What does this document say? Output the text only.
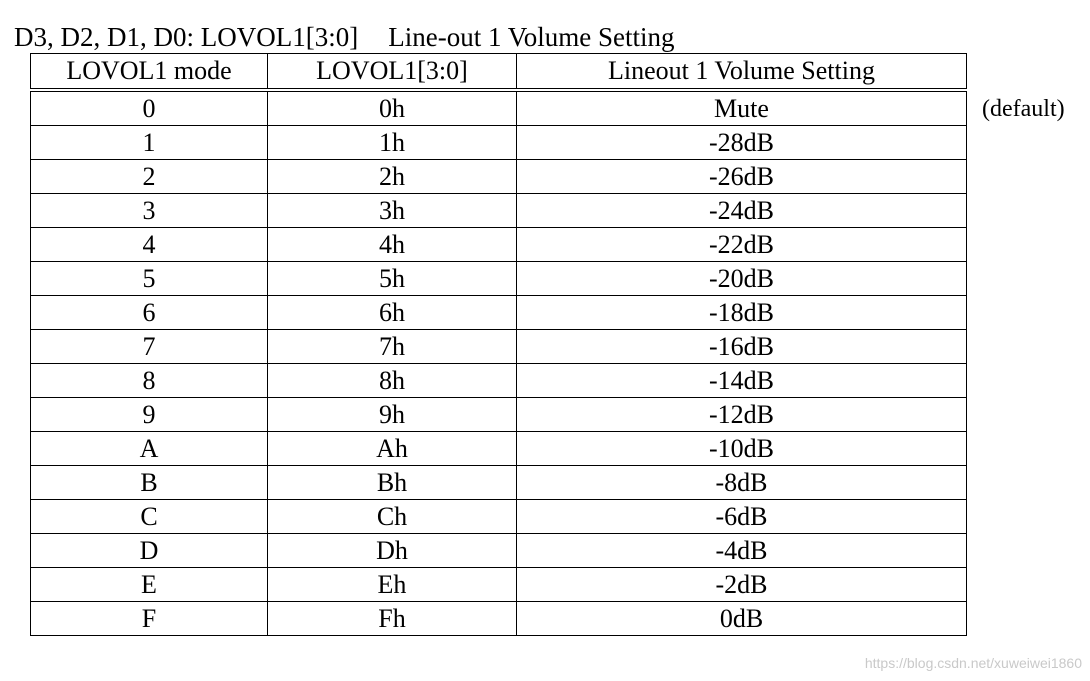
D3, D2, D1, D0: LOVOL1[3:0] Line-out 1 Volume Setting
LOVOL1 mode	LOVOL1[3:0]	Lineout 1 Volume Setting
0	0h	Mute
1	1h	-28dB
2	2h	-26dB
3	3h	-24dB
4	4h	-22dB
5	5h	-20dB
6	6h	-18dB
7	7h	-16dB
8	8h	-14dB
9	9h	-12dB
A	Ah	-10dB
B	Bh	-8dB
C	Ch	-6dB
D	Dh	-4dB
E	Eh	-2dB
F	Fh	0dB
(default)
https://blog.csdn.net/xuweiwei1860
